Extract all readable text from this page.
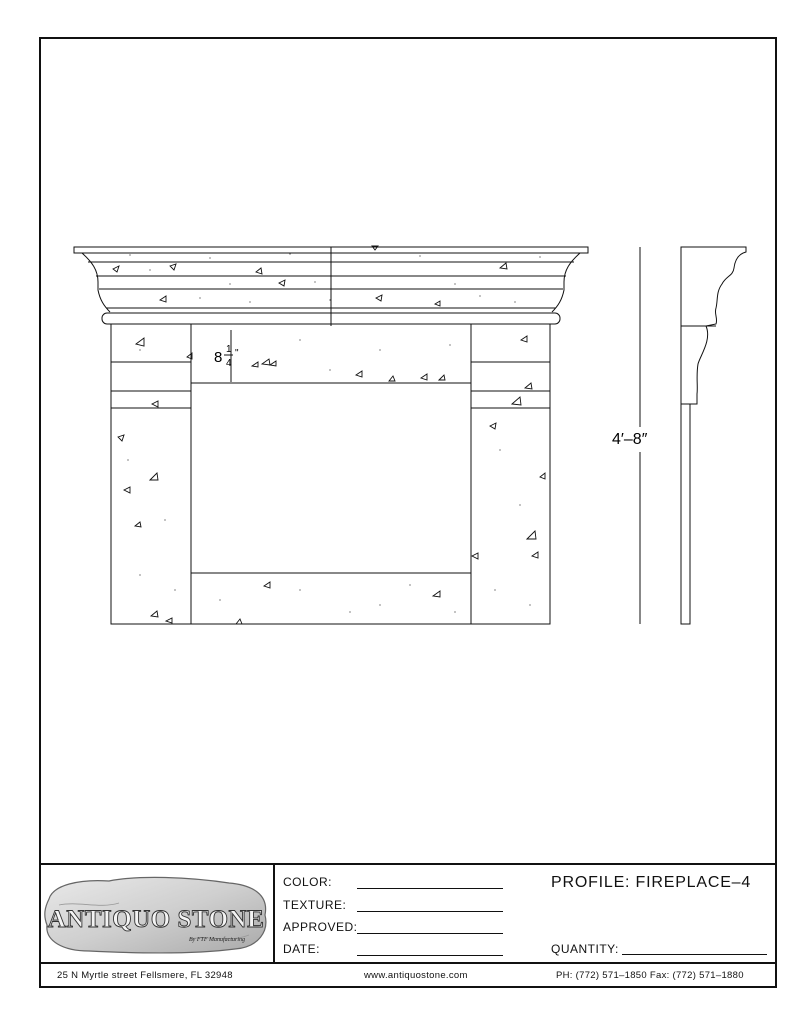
8 1
4
"
4′–8″
ANTIQUO STONE
By FTF Manufacturing
COLOR:
TEXTURE:
APPROVED:
DATE:
PROFILE: FIREPLACE–4
QUANTITY:
25 N Myrtle street Fellsmere, FL 32948	www.antiquostone.com	PH: (772) 571–1850 Fax: (772) 571–1880
